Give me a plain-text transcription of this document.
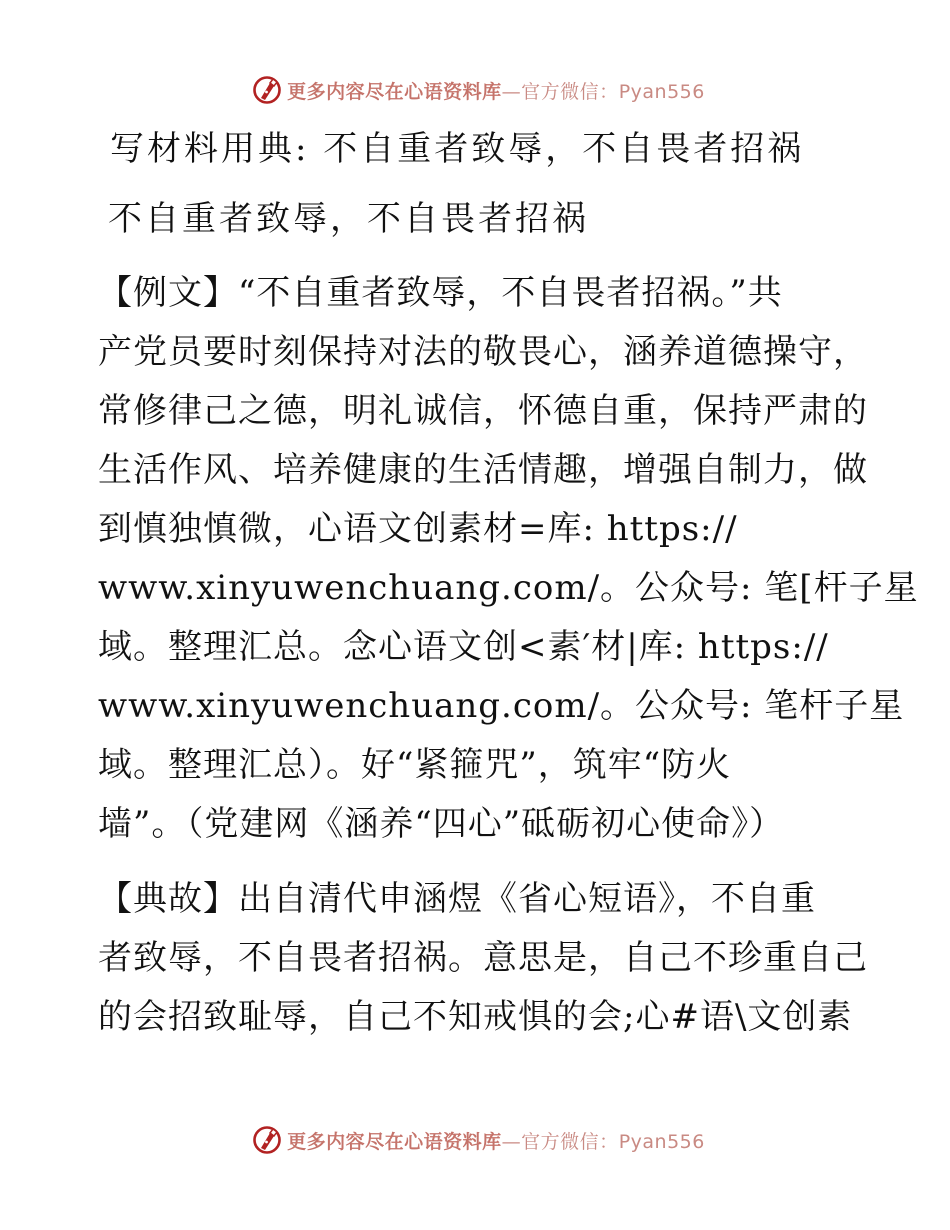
更多内容尽在心语资料库—官方微信：Pyan556
写材料用典: 不自重者致辱，不自畏者招祸
不自重者致辱，不自畏者招祸
【例文】“不自重者致辱，不自畏者招祸。”共
产党员要时刻保持对法的敬畏心，涵养道德操守，
常修律己之德，明礼诚信，怀德自重，保持严肃的
生活作风、培养健康的生活情趣，增强自制力，做
到慎独慎微，心语文创素材=库: https://
www.xinyuwenchuang.com/。公众号: 笔[杆子星
域。整理汇总。念心语文创<素′材|库: https://
www.xinyuwenchuang.com/。公众号: 笔杆子星
域。整理汇总）。好“紧箍咒”，筑牢“防火
墙”。（党建网《涵养“四心”砥砺初心使命》）
【典故】出自清代申涵煜《省心短语》，不自重
者致辱，不自畏者招祸。意思是，自己不珍重自己
的会招致耻辱，自己不知戒惧的会;心#语\文创素
更多内容尽在心语资料库—官方微信：Pyan556
